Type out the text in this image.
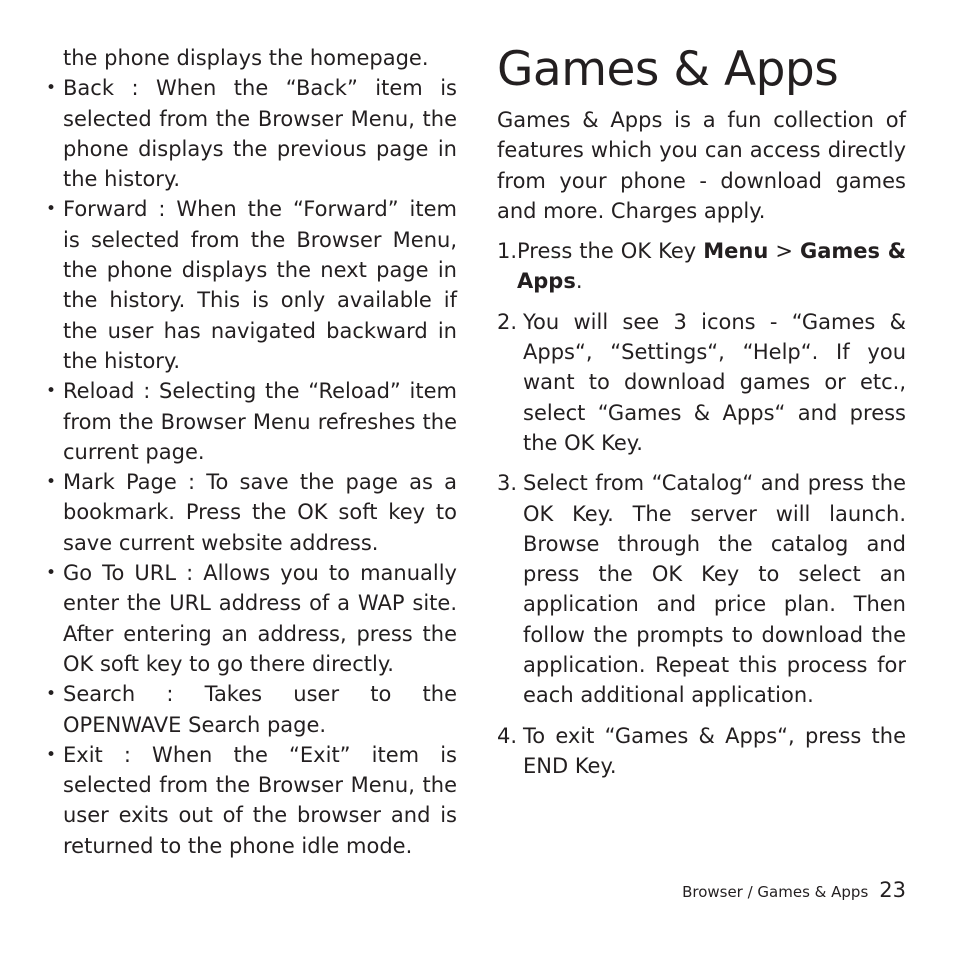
the phone displays the homepage.
• Back : When the “Back” item is selected from the Browser Menu, the phone displays the previous page in the history.
• Forward : When the “Forward” item is selected from the Browser Menu, the phone displays the next page in the history. This is only available if the user has navigated backward in the history.
• Reload : Selecting the “Reload” item from the Browser Menu refreshes the current page.
• Mark Page : To save the page as a bookmark. Press the OK soft key to save current website address.
• Go To URL : Allows you to manually enter the URL address of a WAP site. After entering an address, press the OK soft key to go there directly.
• Search : Takes user to the OPENWAVE Search page.
• Exit : When the “Exit” item is selected from the Browser Menu, the user exits out of the browser and is returned to the phone idle mode.
Games & Apps

Games & Apps is a fun collection of features which you can access directly from your phone - download games and more. Charges apply.

1. Press the OK Key Menu > Games & Apps.
2. You will see 3 icons - “Games & Apps“, “Settings“, “Help“. If you want to download games or etc., select “Games & Apps“ and press the OK Key.
3. Select from “Catalog“ and press the OK Key. The server will launch. Browse through the catalog and press the OK Key to select an application and price plan. Then follow the prompts to download the application. Repeat this process for each additional application.
4. To exit “Games & Apps“, press the END Key.
Browser / Games & Apps 23
